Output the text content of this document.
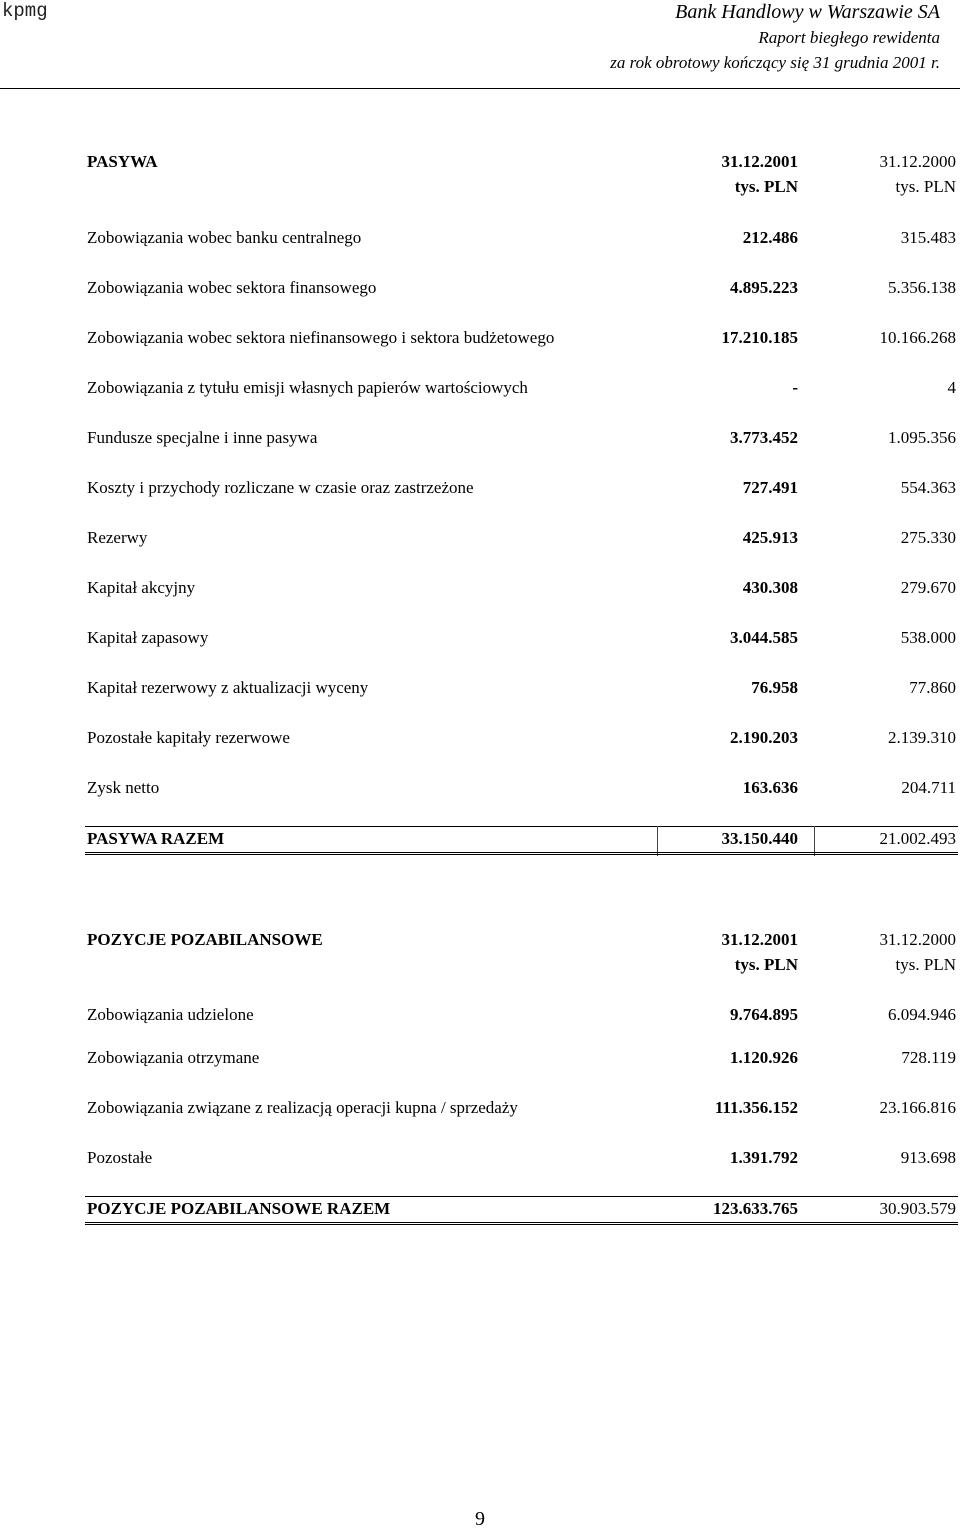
kpmg	Bank Handlowy w Warszawie SA
Raport biegłego rewidenta
za rok obrotowy kończący się 31 grudnia 2001 r.
PASYWA	31.12.2001	31.12.2000
tys. PLN	tys. PLN
Zobowiązania wobec banku centralnego	212.486	315.483
Zobowiązania wobec sektora finansowego	4.895.223	5.356.138
Zobowiązania wobec sektora niefinansowego i sektora budżetowego	17.210.185	10.166.268
Zobowiązania z tytułu emisji własnych papierów wartościowych	-	4
Fundusze specjalne i inne pasywa	3.773.452	1.095.356
Koszty i przychody rozliczane w czasie oraz zastrzeżone	727.491	554.363
Rezerwy	425.913	275.330
Kapitał akcyjny	430.308	279.670
Kapitał zapasowy	3.044.585	538.000
Kapitał rezerwowy z aktualizacji wyceny	76.958	77.860
Pozostałe kapitały rezerwowe	2.190.203	2.139.310
Zysk netto	163.636	204.711
PASYWA RAZEM	33.150.440	21.002.493
POZYCJE POZABILANSOWE	31.12.2001	31.12.2000
tys. PLN	tys. PLN
Zobowiązania udzielone	9.764.895	6.094.946
Zobowiązania otrzymane	1.120.926	728.119
Zobowiązania związane z realizacją operacji kupna / sprzedaży	111.356.152	23.166.816
Pozostałe	1.391.792	913.698
POZYCJE POZABILANSOWE RAZEM	123.633.765	30.903.579
9
